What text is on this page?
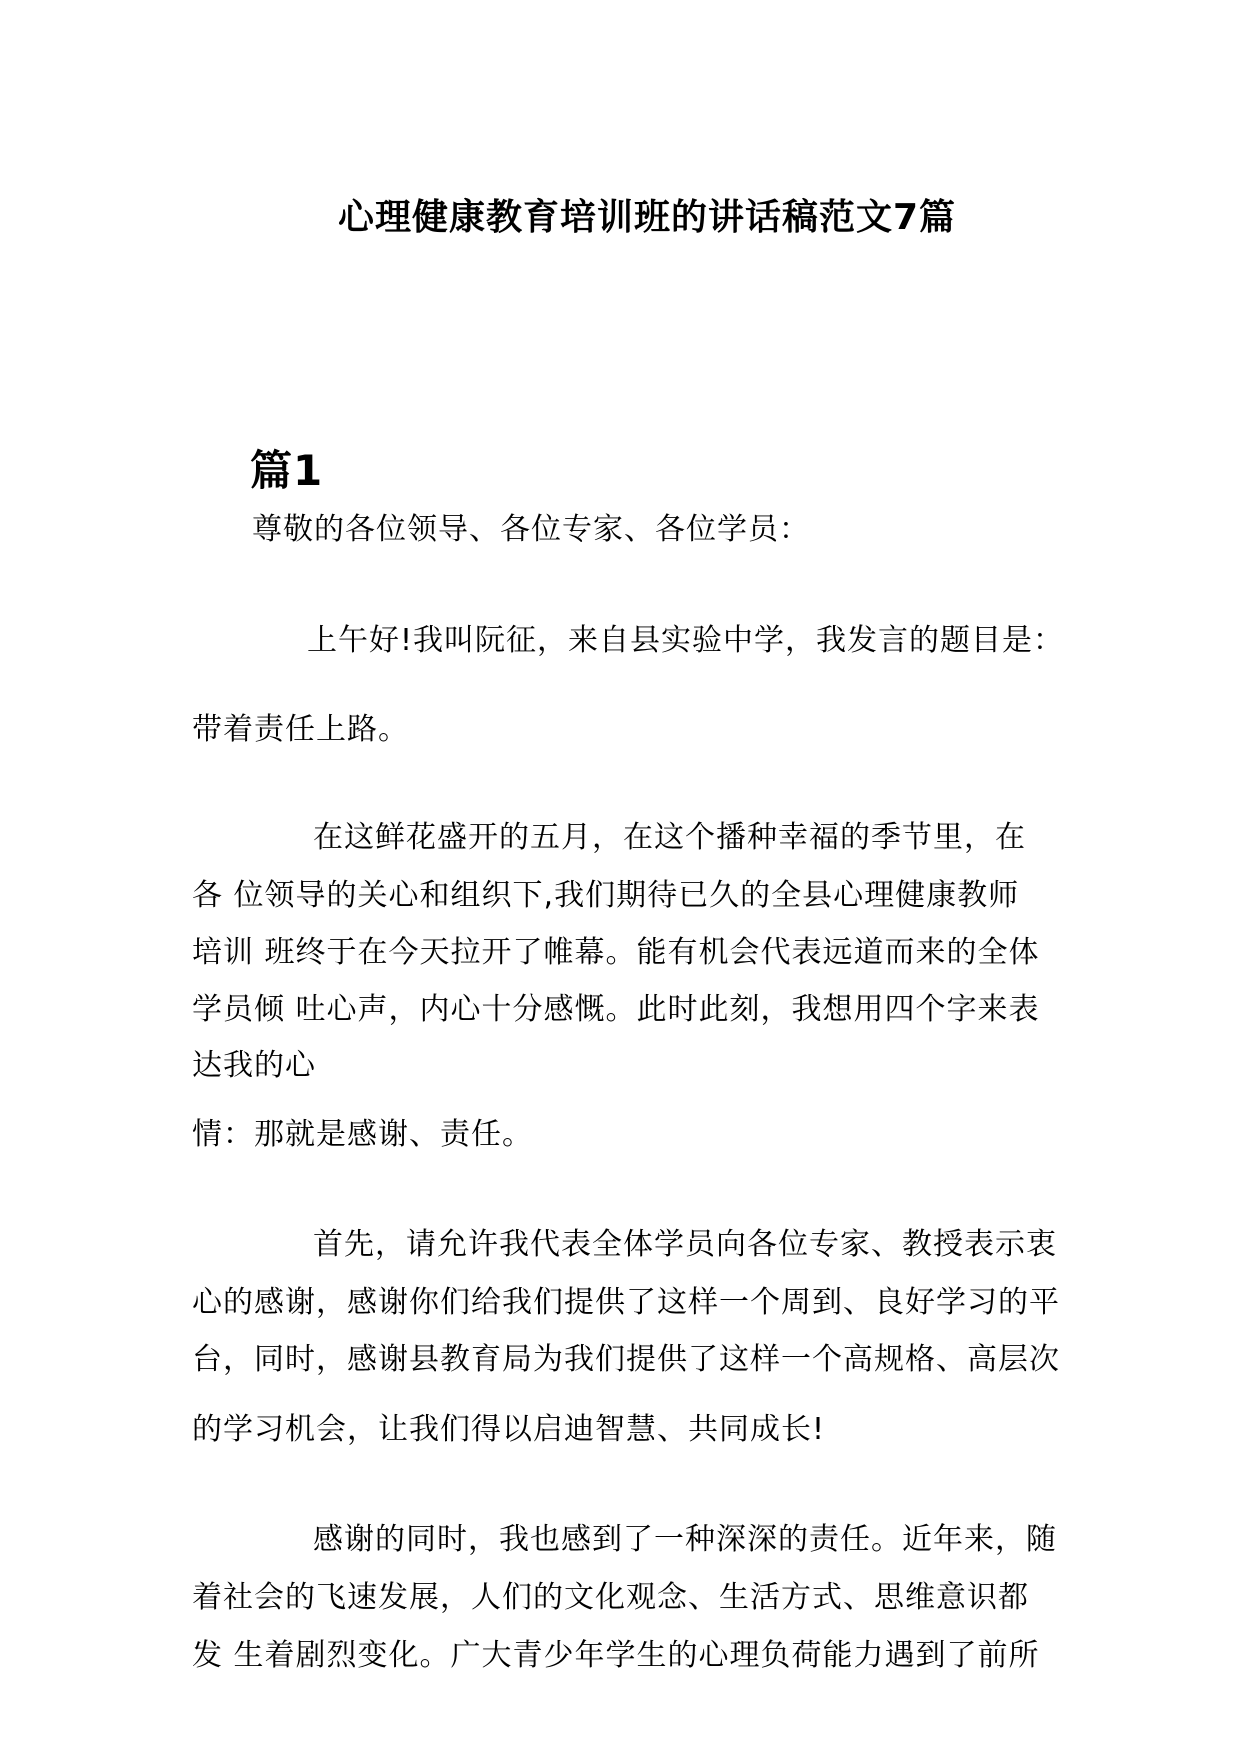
心理健康教育培训班的讲话稿范文7篇
篇1

尊敬的各位领导、各位专家、各位学员：

上午好!我叫阮征，来自县实验中学，我发言的题目是：

带着责任上路。

在这鲜花盛开的五月，在这个播种幸福的季节里，在

各 位领导的关心和组织下,我们期待已久的全县心理健康教师

培训 班终于在今天拉开了帷幕。能有机会代表远道而来的全体

学员倾 吐心声，内心十分感慨。此时此刻，我想用四个字来表

达我的心

情：那就是感谢、责任。

首先，请允许我代表全体学员向各位专家、教授表示衷

心的感谢，感谢你们给我们提供了这样一个周到、良好学习的平

台，同时，感谢县教育局为我们提供了这样一个高规格、高层次

的学习机会，让我们得以启迪智慧、共同成长!

感谢的同时，我也感到了一种深深的责任。近年来，随

着社会的飞速发展，人们的文化观念、生活方式、思维意识都

发 生着剧烈变化。广大青少年学生的心理负荷能力遇到了前所
